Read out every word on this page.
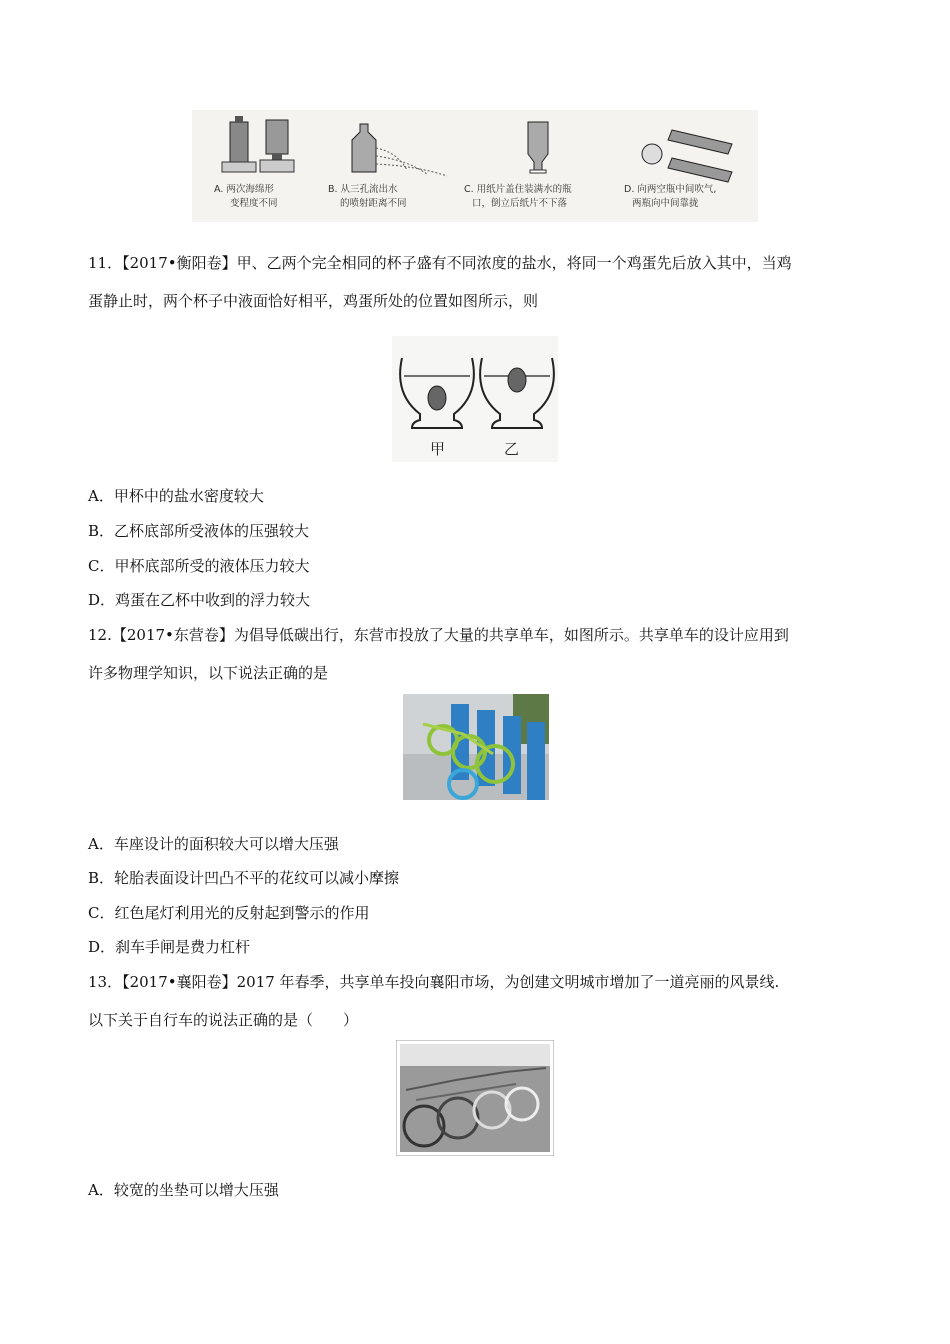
A. 两次海绵形
变程度不同
B. 从三孔流出水
的喷射距离不同
C. 用纸片盖住装满水的瓶
口，倒立后纸片不下落
D. 向两空瓶中间吹气,
两瓶向中间靠拢
11．【2017•衡阳卷】甲、乙两个完全相同的杯子盛有不同浓度的盐水，将同一个鸡蛋先后放入其中，当鸡
蛋静止时，两个杯子中液面恰好相平，鸡蛋所处的位置如图所示，则
甲	乙
A．甲杯中的盐水密度较大
B．乙杯底部所受液体的压强较大
C．甲杯底部所受的液体压力较大
D．鸡蛋在乙杯中收到的浮力较大
12.【2017•东营卷】为倡导低碳出行，东营市投放了大量的共享单车，如图所示。共享单车的设计应用到
许多物理学知识，以下说法正确的是
A．车座设计的面积较大可以增大压强
B．轮胎表面设计凹凸不平的花纹可以减小摩擦
C．红色尾灯利用光的反射起到警示的作用
D．刹车手闸是费力杠杆
13．【2017•襄阳卷】2017 年春季，共享单车投向襄阳市场，为创建文明城市增加了一道亮丽的风景线.
以下关于自行车的说法正确的是（　　）
A．较宽的坐垫可以增大压强
